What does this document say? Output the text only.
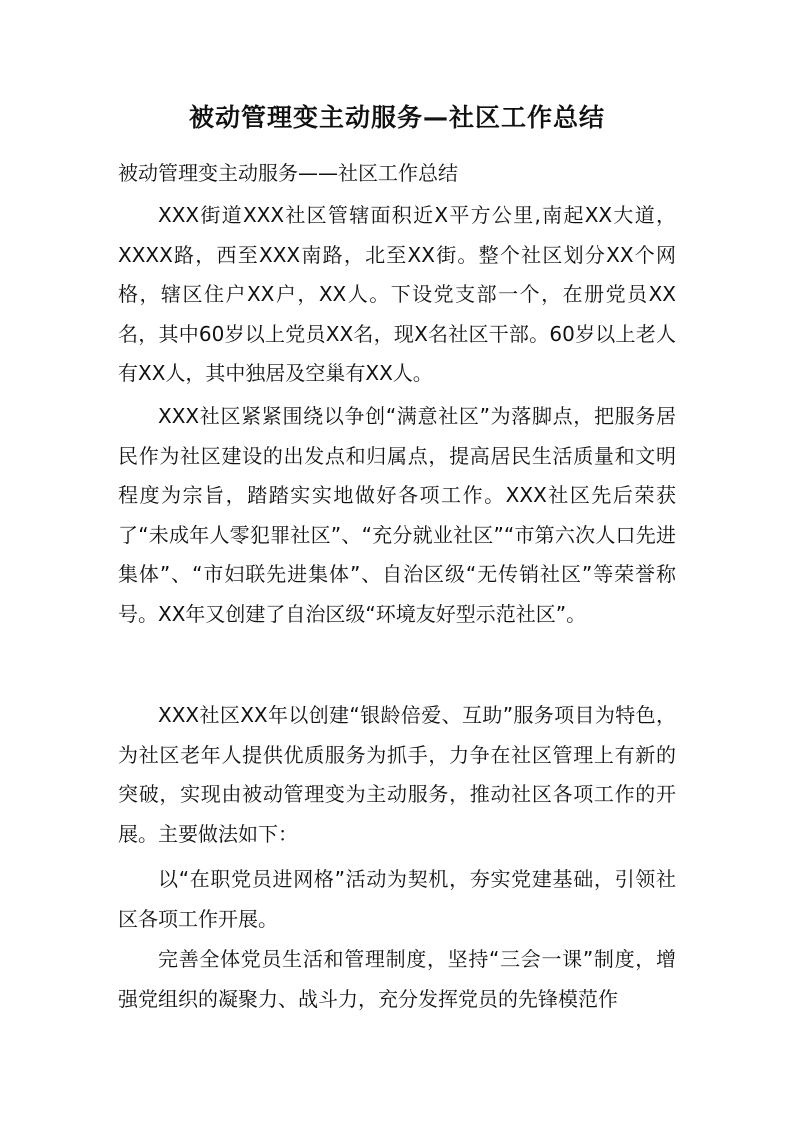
被动管理变主动服务—社区工作总结
被动管理变主动服务——社区工作总结

XXX街道XXX社区管辖面积近X平方公里,南起XX大道，XXXX路，西至XXX南路，北至XX街。整个社区划分XX个网格，辖区住户XX户，XX人。下设党支部一个，在册党员XX名，其中60岁以上党员XX名，现X名社区干部。60岁以上老人有XX人，其中独居及空巢有XX人。

XXX社区紧紧围绕以争创“满意社区”为落脚点，把服务居民作为社区建设的出发点和归属点，提高居民生活质量和文明程度为宗旨，踏踏实实地做好各项工作。XXX社区先后荣获了“未成年人零犯罪社区”、“充分就业社区”“市第六次人口先进集体”、“市妇联先进集体”、自治区级“无传销社区”等荣誉称号。XX年又创建了自治区级“环境友好型示范社区”。

XXX社区XX年以创建“银龄倍爱、互助”服务项目为特色，为社区老年人提供优质服务为抓手，力争在社区管理上有新的突破，实现由被动管理变为主动服务，推动社区各项工作的开展。主要做法如下：

以“在职党员进网格”活动为契机，夯实党建基础，引领社区各项工作开展。

完善全体党员生活和管理制度，坚持“三会一课”制度，增强党组织的凝聚力、战斗力，充分发挥党员的先锋模范作
